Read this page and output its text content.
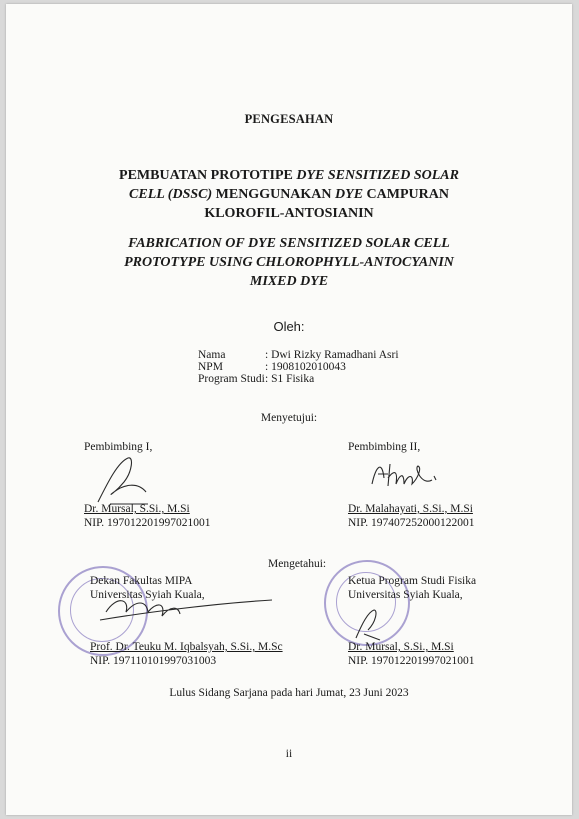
PENGESAHAN
PEMBUATAN PROTOTIPE DYE SENSITIZED SOLAR
CELL (DSSC) MENGGUNAKAN DYE CAMPURAN
KLOROFIL-ANTOSIANIN
FABRICATION OF DYE SENSITIZED SOLAR CELL
PROTOTYPE USING CHLOROPHYLL-ANTOCYANIN
MIXED DYE
Oleh:
Nama	: Dwi Rizky Ramadhani Asri
NPM	: 1908102010043
Program Studi : S1 Fisika
Menyetujui:
Pembimbing I,
Dr. Mursal, S.Si., M.Si
NIP. 197012201997021001
Pembimbing II,
Dr. Malahayati, S.Si., M.Si
NIP. 197407252000122001
Mengetahui:
Dekan Fakultas MIPA
Universitas Syiah Kuala,
Prof. Dr. Teuku M. Iqbalsyah, S.Si., M.Sc
NIP. 197110101997031003
Ketua Program Studi Fisika
Universitas Syiah Kuala,
Dr. Mursal, S.Si., M.Si
NIP. 197012201997021001
Lulus Sidang Sarjana pada hari Jumat, 23 Juni 2023
ii
